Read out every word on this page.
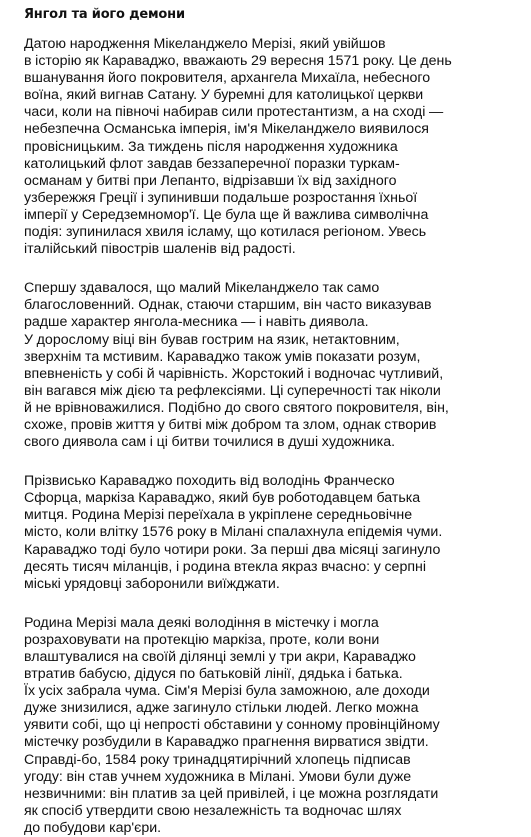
Янгол та його демони
Датою народження Мікеланджело Мерізі, який увійшов
в історію як Караваджо, вважають 29 вересня 1571 року. Це день
вшанування його покровителя, архангела Михаїла, небесного
воїна, який вигнав Сатану. У буремні для католицької церкви
часи, коли на півночі набирав сили протестантизм, а на сході —
небезпечна Османська імперія, ім'я Мікеланджело виявилося
провісницьким. За тиждень після народження художника
католицький флот завдав беззаперечної поразки туркам-
османам у битві при Лепанто, відрізавши їх від західного
узбережжя Греції і зупинивши подальше розростання їхньої
імперії у Середземномор'ї. Це була ще й важлива символічна
подія: зупинилася хвиля ісламу, що котилася регіоном. Увесь
італійський півострів шаленів від радості.
Спершу здавалося, що малий Мікеланджело так само
благословенний. Однак, стаючи старшим, він часто виказував
радше характер янгола-месника — і навіть диявола.
У дорослому віці він бував гострим на язик, нетактовним,
зверхнім та мстивим. Караваджо також умів показати розум,
впевненість у собі й чарівність. Жорстокий і водночас чутливий,
він вагався між дією та рефлексіями. Ці суперечності так ніколи
й не врівноважилися. Подібно до свого святого покровителя, він,
схоже, провів життя у битві між добром та злом, однак створив
свого диявола сам і ці битви точилися в душі художника.
Прізвисько Караваджо походить від володінь Франческо
Сфорца, маркіза Караваджо, який був роботодавцем батька
митця. Родина Мерізі переїхала в укріплене середньовічне
місто, коли влітку 1576 року в Мілані спалахнула епідемія чуми.
Караваджо тоді було чотири роки. За перші два місяці загинуло
десять тисяч міланців, і родина втекла якраз вчасно: у серпні
міські урядовці заборонили виїжджати.
Родина Мерізі мала деякі володіння в містечку і могла
розраховувати на протекцію маркіза, проте, коли вони
влаштувалися на своїй ділянці землі у три акри, Караваджо
втратив бабусю, дідуся по батьковій лінії, дядька і батька.
Їх усіх забрала чума. Сім'я Мерізі була заможною, але доходи
дуже знизилися, адже загинуло стільки людей. Легко можна
уявити собі, що ці непрості обставини у сонному провінційному
містечку розбудили в Караваджо прагнення вирватися звідти.
Справді-бо, 1584 року тринадцятирічний хлопець підписав
угоду: він став учнем художника в Мілані. Умови були дуже
незвичними: він платив за цей привілей, і це можна розглядати
як спосіб утвердити свою незалежність та водночас шлях
до побудови кар'єри.
